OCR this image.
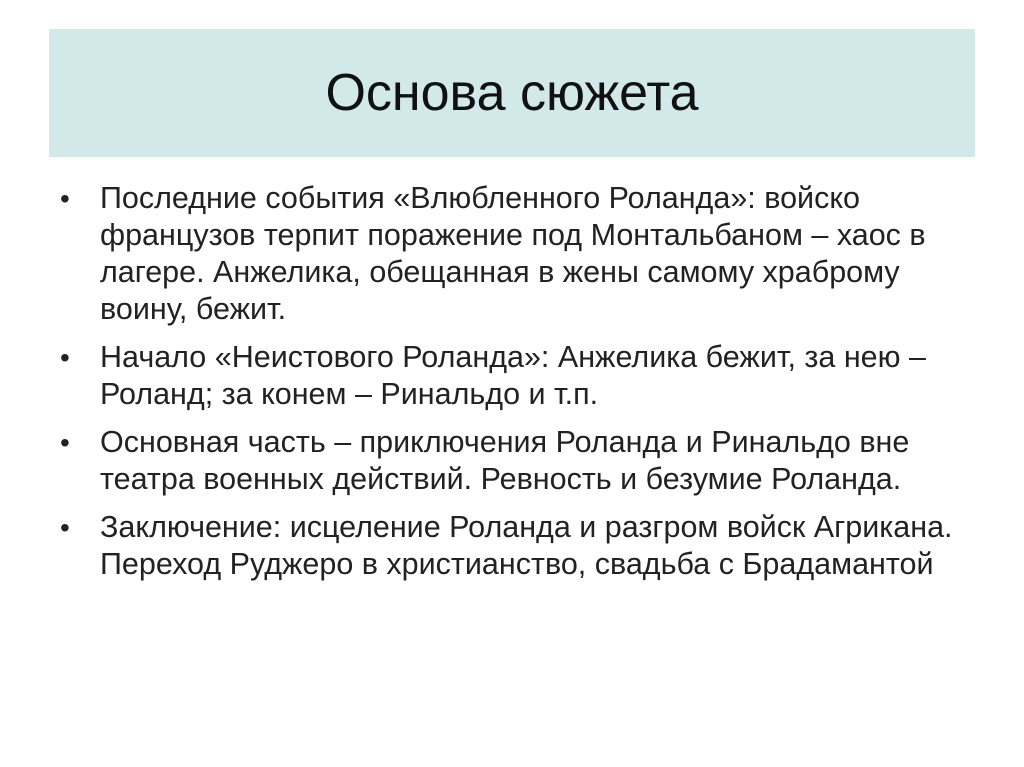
Основа сюжета
• Последние события «Влюбленного Роланда»: войско французов терпит поражение под Монтальбаном – хаос в лагере. Анжелика, обещанная в жены самому храброму воину, бежит.
• Начало «Неистового Роланда»: Анжелика бежит, за нею – Роланд; за конем – Ринальдо и т.п.
• Основная часть – приключения Роланда и Ринальдо вне театра военных действий. Ревность и безумие Роланда.
• Заключение: исцеление Роланда и разгром войск Агрикана. Переход Руджеро в христианство, свадьба с Брадамантой
